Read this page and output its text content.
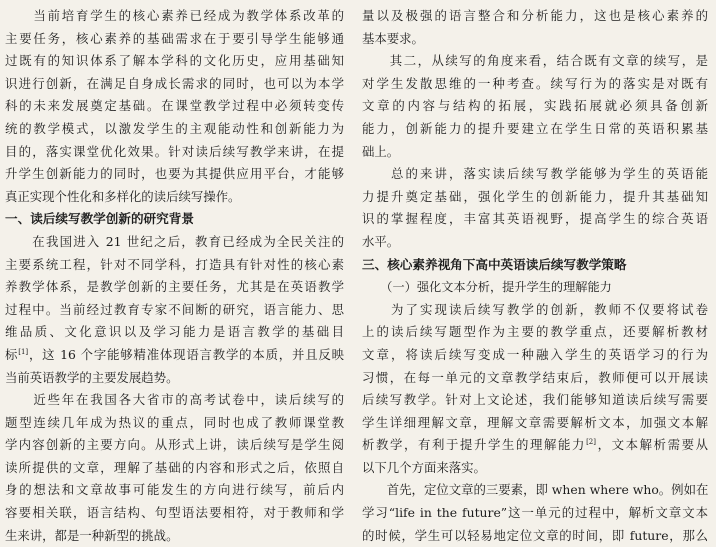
　　当前培育学生的核心素养已经成为教学体系改革的
主要任务，核心素养的基础需求在于要引导学生能够通
过既有的知识体系了解本学科的文化历史，应用基础知
识进行创新，在满足自身成长需求的同时，也可以为本学
科的未来发展奠定基础。在课堂教学过程中必须转变传
统的教学模式，以激发学生的主观能动性和创新能力为
目的，落实课堂优化效果。针对读后续写教学来讲，在提
升学生创新能力的同时，也要为其提供应用平台，才能够
真正实现个性化和多样化的读后续写操作。
一、读后续写教学创新的研究背景
　　在我国进入 21 世纪之后，教育已经成为全民关注的
主要系统工程，针对不同学科，打造具有针对性的核心素
养教学体系，是教学创新的主要任务，尤其是在英语教学
过程中。当前经过教育专家不间断的研究，语言能力、思
维品质、文化意识以及学习能力是语言教学的基础目
标[1]，这 16 个字能够精准体现语言教学的本质，并且反映
当前英语教学的主要发展趋势。
　　近些年在我国各大省市的高考试卷中，读后续写的
题型连续几年成为热议的重点，同时也成了教师课堂教
学内容创新的主要方向。从形式上讲，读后续写是学生阅
读所提供的文章，理解了基础的内容和形式之后，依照自
身的想法和文章故事可能发生的方向进行续写，前后内
容要相关联，语言结构、句型语法要相符，对于教师和学
生来讲，都是一种新型的挑战。
量以及极强的语言整合和分析能力，这也是核心素养的
基本要求。
　　其二，从续写的角度来看，结合既有文章的续写，是
对学生发散思维的一种考查。续写行为的落实是对既有
文章的内容与结构的拓展，实践拓展就必须具备创新
能力，创新能力的提升要建立在学生日常的英语积累基
础上。
　　总的来讲，落实读后续写教学能够为学生的英语能
力提升奠定基础，强化学生的创新能力，提升其基础知
识的掌握程度，丰富其英语视野，提高学生的综合英语
水平。
三、核心素养视角下高中英语读后续写教学策略
　　（一）强化文本分析，提升学生的理解能力
　　为了实现读后续写教学的创新，教师不仅要将试卷
上的读后续写题型作为主要的教学重点，还要解析教材
文章，将读后续写变成一种融入学生的英语学习的行为
习惯，在每一单元的文章教学结束后，教师便可以开展读
后续写教学。针对上文论述，我们能够知道读后续写需要
学生详细理解文章，理解文章需要解析文本，加强文本解
析教学，有利于提升学生的理解能力[2]，文本解析需要从
以下几个方面来落实。
　　首先，定位文章的三要素，即 when where who。例如在
学习“life in the future”这一单元的过程中，解析文章文本
的时候，学生可以轻易地定位文章的时间，即 future，那么
